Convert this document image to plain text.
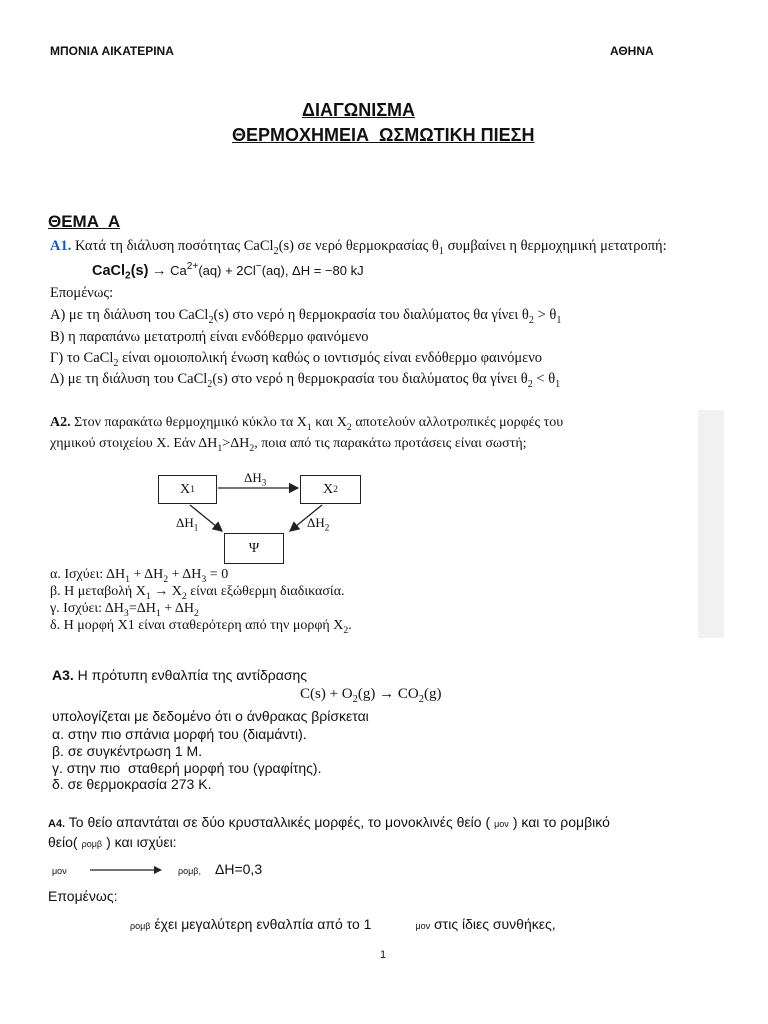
ΜΠΟΝΙΑ ΑΙΚΑΤΕΡΙΝΑ	ΑΘΗΝΑ
ΔΙΑΓΩΝΙΣΜΑ
ΘΕΡΜΟΧΗΜΕΙΑ  ΩΣΜΩΤΙΚΗ ΠΙΕΣΗ
ΘΕΜΑ  Α
Α1. Κατά τη διάλυση ποσότητας CaCl$_2$(s) σε νερό θερμοκρασίας $\theta_1$ συμβαίνει η θερμοχημική μετατροπή:
CaCl$_2$(s) → $Ca^{2+}(aq) + 2Cl^-(aq)$, ΔH = −80 kJ
Επομένως:
Α) με τη διάλυση του CaCl$_2$(s) στο νερό η θερμοκρασία του διαλύματος θα γίνει $\theta_2 > \theta_1$
Β) η παραπάνω μετατροπή είναι ενδόθερμο φαινόμενο
Γ) το CaCl$_2$ είναι ομοιοπολική ένωση καθώς ο ιοντισμός είναι ενδόθερμο φαινόμενο
Δ) με τη διάλυση του CaCl$_2$(s) στο νερό η θερμοκρασία του διαλύματος θα γίνει $\theta_2 < \theta_1$
Α2. Στον παρακάτω θερμοχημικό κύκλο τα $X_1$ και $X_2$ αποτελούν αλλοτροπικές μορφές του
χημικού στοιχείου Χ. Εάν $\Delta H_1>\Delta H_2$, ποια από τις παρακάτω προτάσεις είναι σωστή;
X 1	X 2
Ψ
$\Delta H_3$
$\Delta H_1$	$\Delta H_2$
α. Ισχύει: $\Delta H_1 + \Delta H_2 + \Delta H_3 = 0$
β. Η μεταβολή $X_1 \to X_2$ είναι εξώθερμη διαδικασία.
γ. Ισχύει: $\Delta H_3=\Delta H_1 + \Delta H_2$
δ. Η μορφή X1 είναι σταθερότερη από την μορφή $X_2$.
Α3. Η πρότυπη ενθαλπία της αντίδρασης
$C(s) + O_2(g) \to CO_2(g)$
υπολογίζεται με δεδομένο ότι ο άνθρακας βρίσκεται
α. στην πιο σπάνια μορφή του (διαμάντι).
β. σε συγκέντρωση 1 Μ.
γ. στην πιο  σταθερή μορφή του (γραφίτης).
δ. σε θερμοκρασία 273 Κ.
Α4. Το θείο απαντάται σε δύο κρυσταλλικές μορφές, το μονοκλινές θείο ( μον ) και το ρομβικό
θείο( ρομβ ) και ισχύει:
μον	ρομβ, ΔΗ=0,3
Επομένως:
ρομβ έχει μεγαλύτερη ενθαλπία από το 1	μον στις ίδιες συνθήκες,
1
